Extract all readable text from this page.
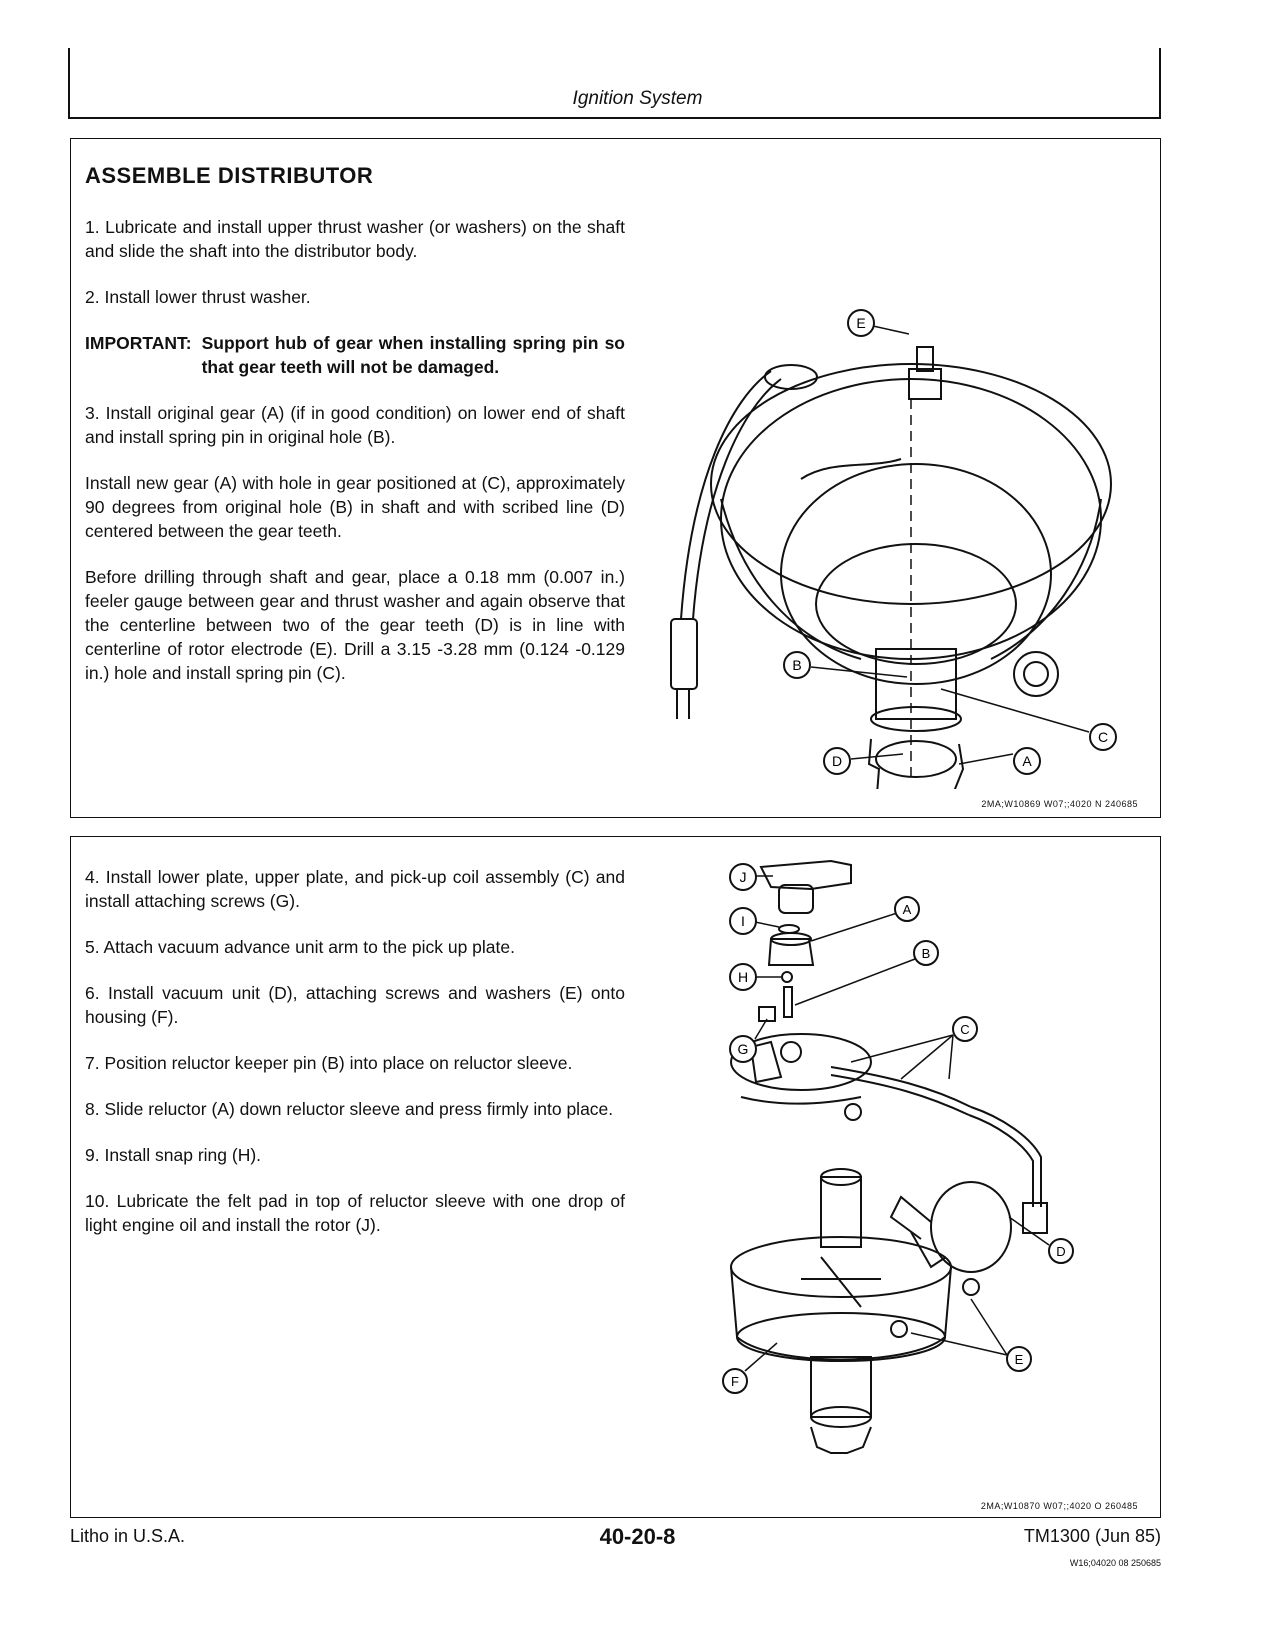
Ignition System
ASSEMBLE DISTRIBUTOR

1. Lubricate and install upper thrust washer (or washers) on the shaft and slide the shaft into the distributor body.

2. Install lower thrust washer.

IMPORTANT: Support hub of gear when installing spring pin so that gear teeth will not be damaged.

3. Install original gear (A) (if in good condition) on lower end of shaft and install spring pin in original hole (B).

Install new gear (A) with hole in gear positioned at (C), approximately 90 degrees from original hole (B) in shaft and with scribed line (D) centered between the gear teeth.

Before drilling through shaft and gear, place a 0.18 mm (0.007 in.) feeler gauge between gear and thrust washer and again observe that the centerline between two of the gear teeth (D) is in line with centerline of rotor electrode (E). Drill a 3.15 -3.28 mm (0.124 -0.129 in.) hole and install spring pin (C).

E
B
C
D	A
2MA;W10869 W07;;4020 N 240685

4. Install lower plate, upper plate, and pick-up coil assembly (C) and install attaching screws (G).

5. Attach vacuum advance unit arm to the pick up plate.

6. Install vacuum unit (D), attaching screws and washers (E) onto housing (F).

7. Position reluctor keeper pin (B) into place on reluctor sleeve.

8. Slide reluctor (A) down reluctor sleeve and press firmly into place.

9. Install snap ring (H).

10. Lubricate the felt pad in top of reluctor sleeve with one drop of light engine oil and install the rotor (J).

J
A
I
B
H
C
G
D
E
F
2MA;W10870 W07;;4020 O 260485
Litho in U.S.A.	40-20-8	TM1300 (Jun 85)
W16;04020 08 250685
